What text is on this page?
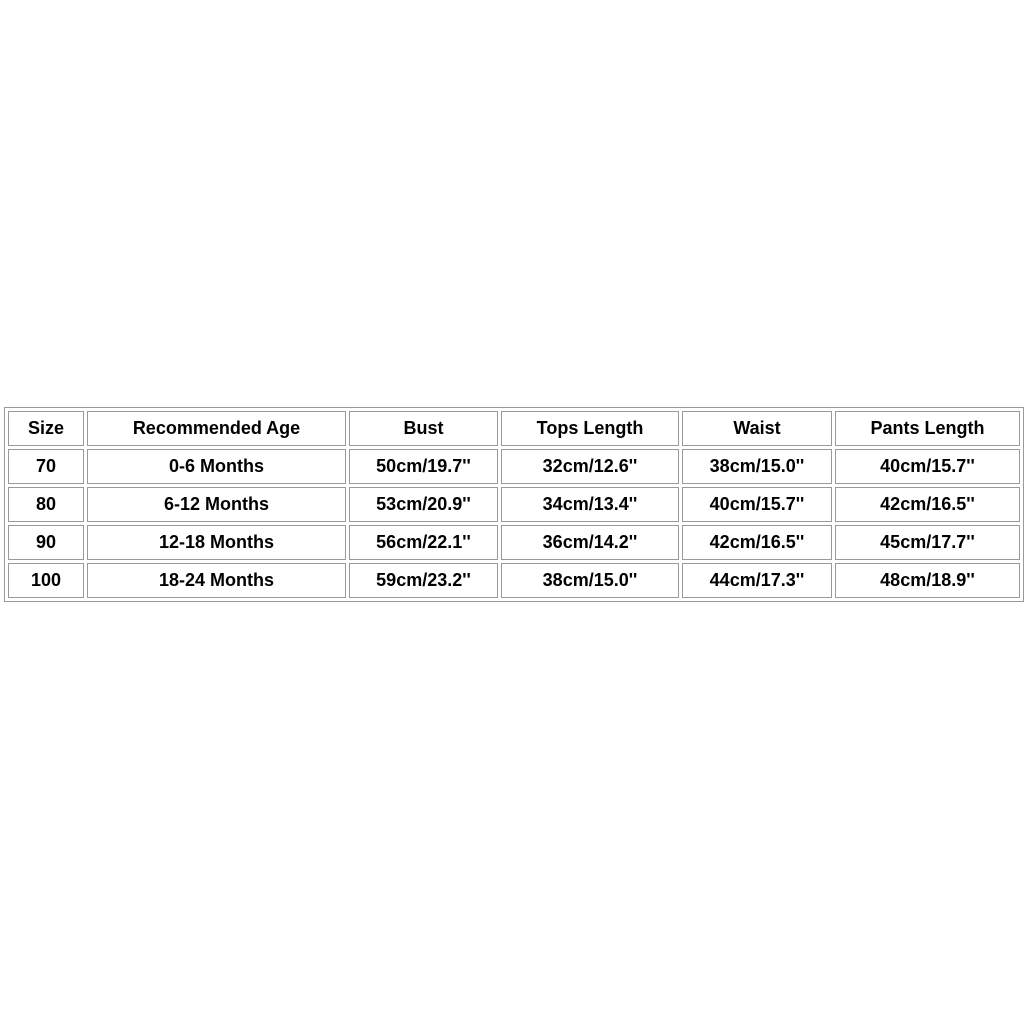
Size	Recommended Age	Bust	Tops Length	Waist	Pants Length
70	0-6 Months	50cm/19.7''	32cm/12.6''	38cm/15.0''	40cm/15.7''
80	6-12 Months	53cm/20.9''	34cm/13.4''	40cm/15.7''	42cm/16.5''
90	12-18 Months	56cm/22.1''	36cm/14.2''	42cm/16.5''	45cm/17.7''
100	18-24 Months	59cm/23.2''	38cm/15.0''	44cm/17.3''	48cm/18.9''
